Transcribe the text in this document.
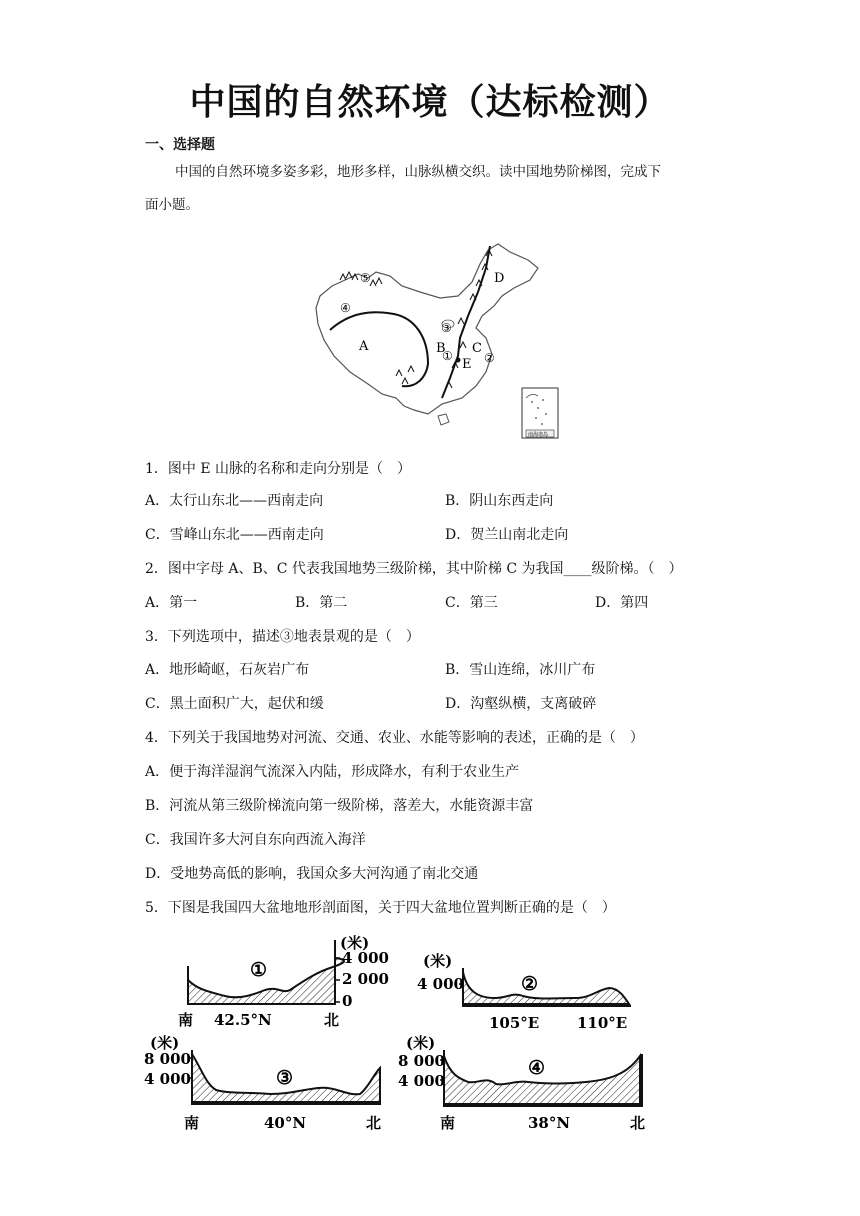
中国的自然环境（达标检测）
一、选择题
中国的自然环境多姿多彩，地形多样，山脉纵横交织。读中国地势阶梯图，完成下
面小题。
A	B C
D
E
①	②
③
④
⑤
南海诸岛
1．图中 E 山脉的名称和走向分别是（　）
A．太行山东北——西南走向	B．阴山东西走向
C．雪峰山东北——西南走向	D．贺兰山南北走向
2．图中字母 A、B、C 代表我国地势三级阶梯，其中阶梯 C 为我国____级阶梯。（　）
A．第一	B．第二	C．第三	D．第四
3．下列选项中，描述③地表景观的是（　）
A．地形崎岖，石灰岩广布	B．雪山连绵，冰川广布
C．黑土面积广大，起伏和缓	D．沟壑纵横，支离破碎
4．下列关于我国地势对河流、交通、农业、水能等影响的表述，正确的是（　）
A．便于海洋湿润气流深入内陆，形成降水，有利于农业生产
B．河流从第三级阶梯流向第一级阶梯，落差大，水能资源丰富
C．我国许多大河自东向西流入海洋
D．受地势高低的影响，我国众多大河沟通了南北交通
5．下图是我国四大盆地地形剖面图，关于四大盆地位置判断正确的是（　）
(米)
4 000
2 000
0
①
南 42.5°N	北
(米)
4 000	②
105°E	110°E
(米)
8 000
4 000	③
南	40°N	北
(米)
8 000
4 000
④
南	38°N	北
